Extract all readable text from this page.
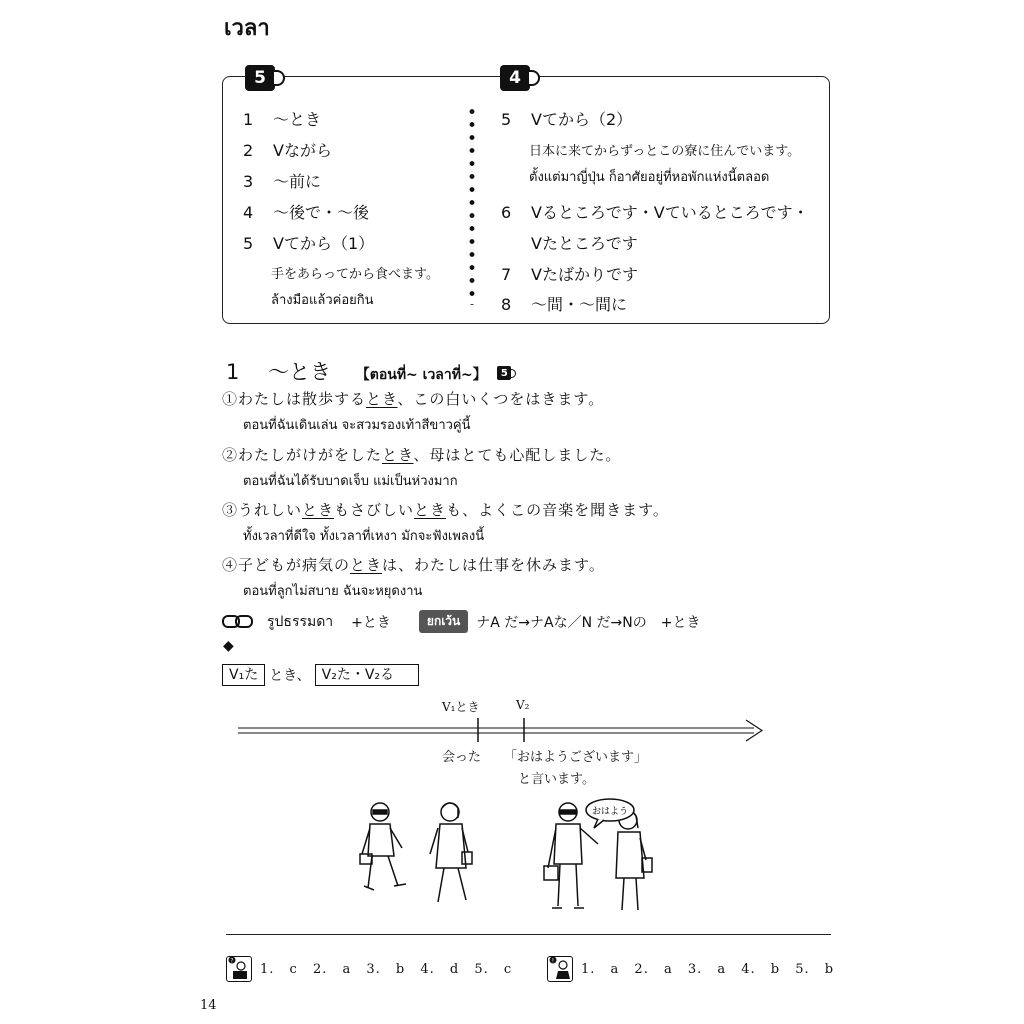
เวลา
5	4
1 〜とき
2 Vながら
3 〜前に
4 〜後で・〜後
5 Vてから（1）
手をあらってから食べます。
ล้างมือแล้วค่อยกิน
5 Vてから（2）
日本に来てからずっとこの寮に住んでいます。
ตั้งแต่มาญี่ปุ่น ก็อาศัยอยู่ที่หอพักแห่งนี้ตลอด
6 Vるところです・Vているところです・
Vたところです
7 Vたばかりです
8 〜間・〜間に
1 〜とき 【ตอนที่~ เวลาที่~】	5
①わたしは散歩するとき、この白いくつをはきます。
ตอนที่ฉันเดินเล่น จะสวมรองเท้าสีขาวคู่นี้
②わたしがけがをしたとき、母はとても心配しました。
ตอนที่ฉันได้รับบาดเจ็บ แม่เป็นห่วงมาก
③うれしいときもさびしいときも、よくこの音楽を聞きます。
ทั้งเวลาที่ดีใจ ทั้งเวลาที่เหงา มักจะฟังเพลงนี้
④子どもが病気のときは、わたしは仕事を休みます。
ตอนที่ลูกไม่สบาย ฉันจะหยุดงาน
รูปธรรมดา +とき	ยกเว้น	ナA だ→ナAな／N だ→Nの +とき
◆
V₁た とき、 V₂た・V₂る
V₁とき	V₂
会った 「おはようございます」
と言います。
おはよう
?
1. c 2. a 3. b 4. d 5. c
!
1. a 2. a 3. a 4. b 5. b
14
